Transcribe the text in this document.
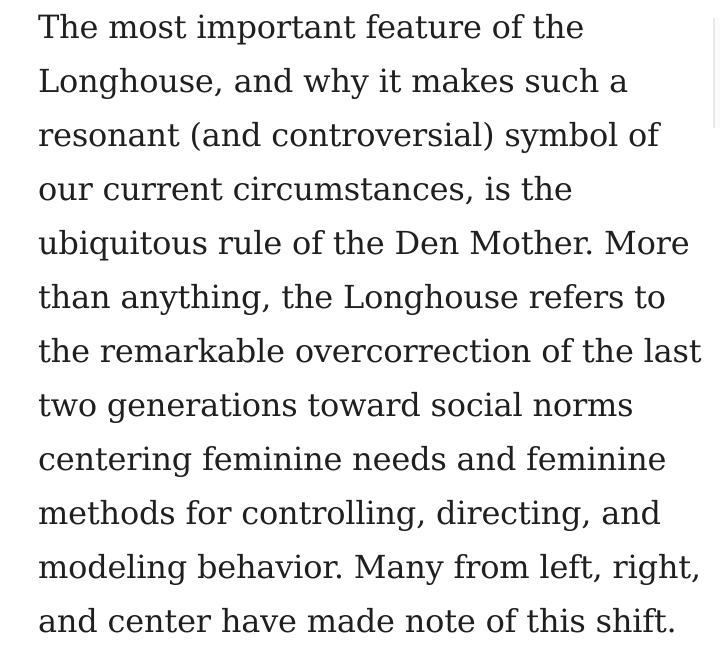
The most important feature of the
Longhouse, and why it makes such a
resonant (and controversial) symbol of
our current circumstances, is the
ubiquitous rule of the Den Mother. More
than anything, the Longhouse refers to
the remarkable overcorrection of the last
two generations toward social norms
centering feminine needs and feminine
methods for controlling, directing, and
modeling behavior. Many from left, right,
and center have made note of this shift.
